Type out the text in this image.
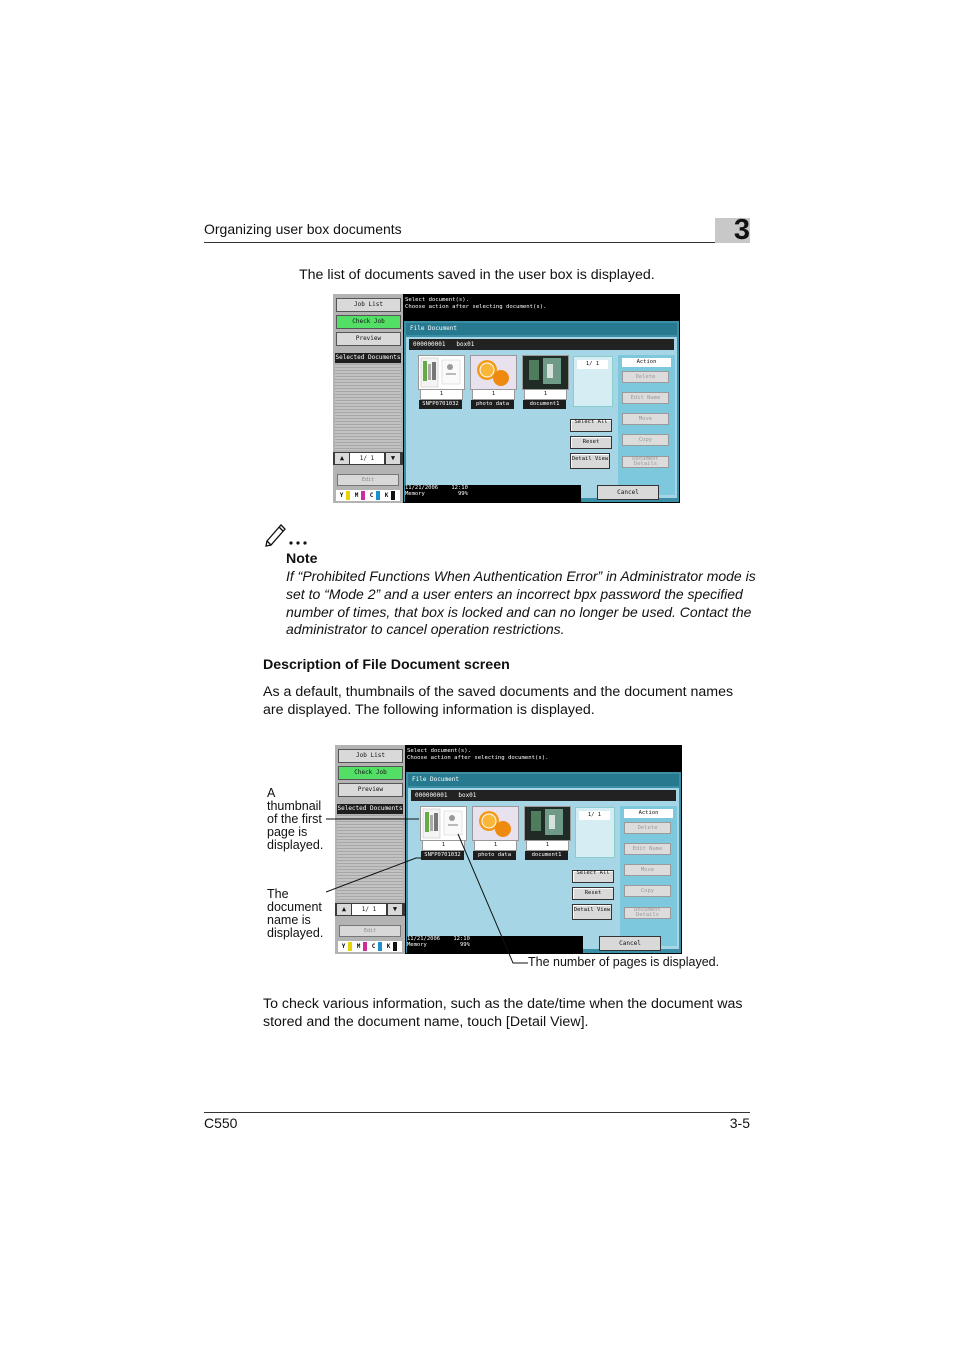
Organizing user box documents	3
The list of documents saved in the user box is displayed.
Job List
Check Job
Preview
Selected Documents
▲	1/ 1	▼
Edit
Y M C K
Select document(s).
Choose action after selecting document(s).
File Document
000000001   box01
1	1	1
SNFP0701032	photo data	document1
1/ 1
Select All
Reset
Detail View
Action
Delete
Edit Name
Move
Copy
Document Details
11/21/2006 12:10
Memory	99%	Cancel
Note
If “Prohibited Functions When Authentication Error” in Administrator mode is set to “Mode 2” and a user enters an incorrect bpx password the specified number of times, that box is locked and can no longer be used. Contact the administrator to cancel operation restrictions.
Description of File Document screen
As a default, thumbnails of the saved documents and the document names are displayed. The following information is displayed.
Job List
Check Job
Preview
Selected Documents
▲	1/ 1	▼
Edit
Y M C K
Select document(s).
Choose action after selecting document(s).
File Document
000000001   box01
1	1	1
SNFP0701032	photo data	document1
1/ 1
Select All
Reset
Detail View
Action
Delete
Edit Name
Move
Copy
Document Details
11/21/2006 12:10
Memory	99%	Cancel
A
thumbnail
of the first
page is
displayed.
The
document
name is
displayed.
The number of pages is displayed.
To check various information, such as the date/time when the document was stored and the document name, touch [Detail View].
C550	3-5
